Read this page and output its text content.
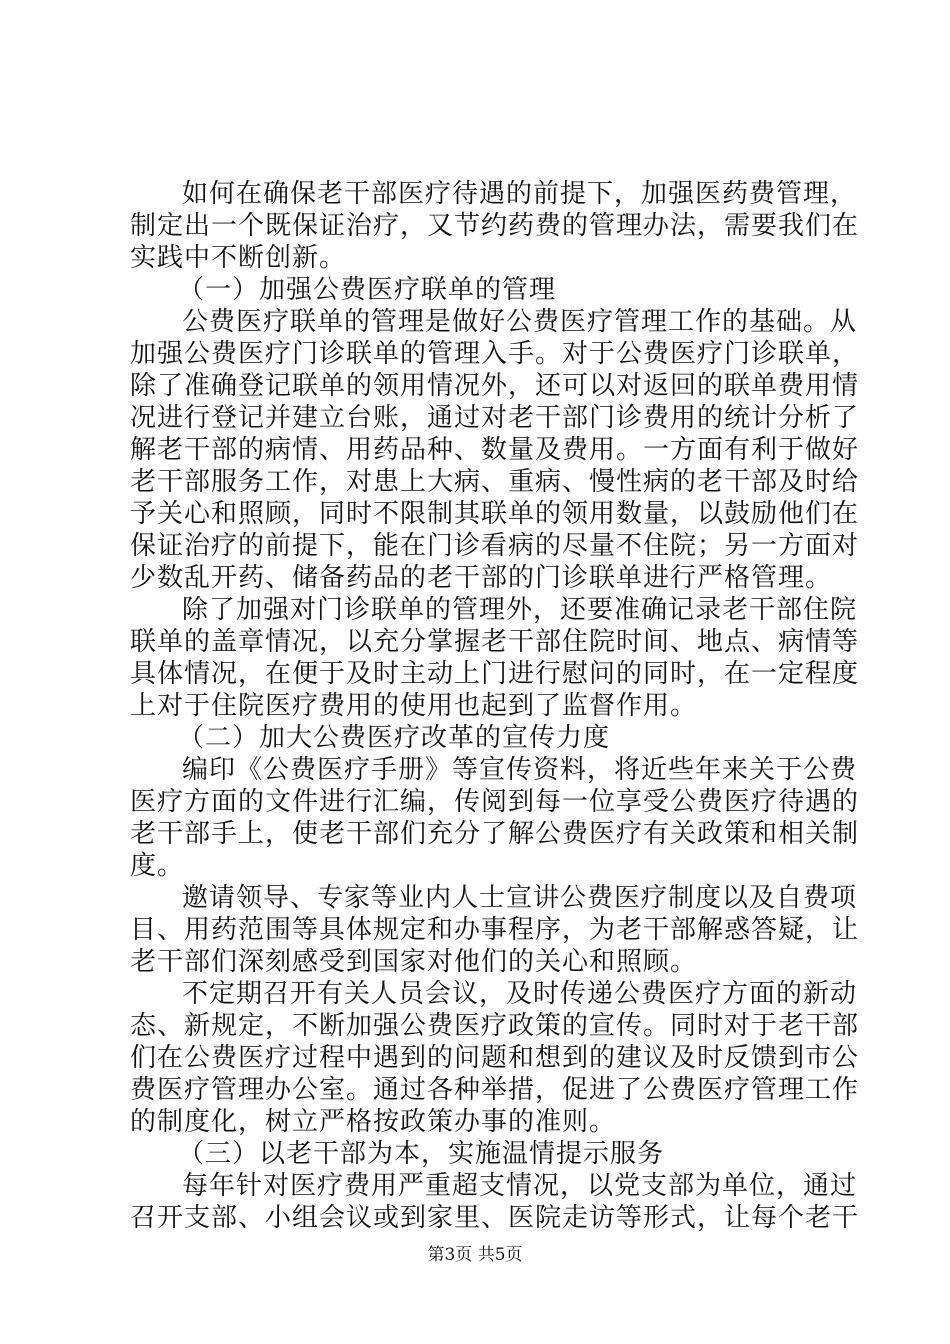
如何在确保老干部医疗待遇的前提下，加强医药费管理，
制定出一个既保证治疗，又节约药费的管理办法，需要我们在
实践中不断创新。
（一）加强公费医疗联单的管理
公费医疗联单的管理是做好公费医疗管理工作的基础。从
加强公费医疗门诊联单的管理入手。对于公费医疗门诊联单，
除了准确登记联单的领用情况外，还可以对返回的联单费用情
况进行登记并建立台账，通过对老干部门诊费用的统计分析了
解老干部的病情、用药品种、数量及费用。一方面有利于做好
老干部服务工作，对患上大病、重病、慢性病的老干部及时给
予关心和照顾，同时不限制其联单的领用数量，以鼓励他们在
保证治疗的前提下，能在门诊看病的尽量不住院；另一方面对
少数乱开药、储备药品的老干部的门诊联单进行严格管理。
除了加强对门诊联单的管理外，还要准确记录老干部住院
联单的盖章情况，以充分掌握老干部住院时间、地点、病情等
具体情况，在便于及时主动上门进行慰问的同时，在一定程度
上对于住院医疗费用的使用也起到了监督作用。
（二）加大公费医疗改革的宣传力度
编印《公费医疗手册》等宣传资料，将近些年来关于公费
医疗方面的文件进行汇编，传阅到每一位享受公费医疗待遇的
老干部手上，使老干部们充分了解公费医疗有关政策和相关制
度。
邀请领导、专家等业内人士宣讲公费医疗制度以及自费项
目、用药范围等具体规定和办事程序，为老干部解惑答疑，让
老干部们深刻感受到国家对他们的关心和照顾。
不定期召开有关人员会议，及时传递公费医疗方面的新动
态、新规定，不断加强公费医疗政策的宣传。同时对于老干部
们在公费医疗过程中遇到的问题和想到的建议及时反馈到市公
费医疗管理办公室。通过各种举措，促进了公费医疗管理工作
的制度化，树立严格按政策办事的准则。
（三）以老干部为本，实施温情提示服务
每年针对医疗费用严重超支情况，以党支部为单位，通过
召开支部、小组会议或到家里、医院走访等形式，让每个老干
第3页 共5页
